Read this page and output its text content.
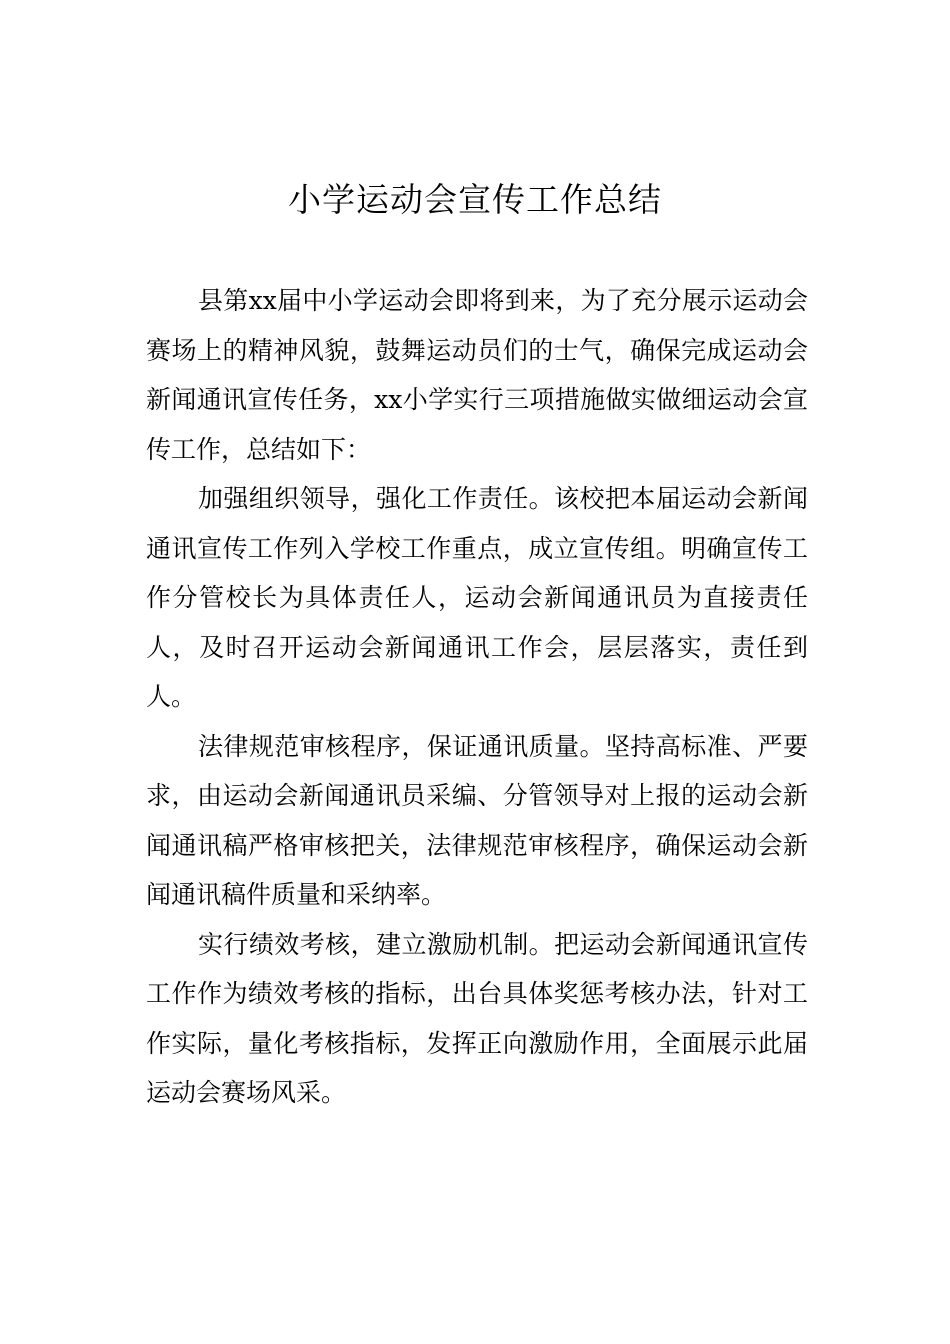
小学运动会宣传工作总结

县第xx届中小学运动会即将到来，为了充分展示运动会赛场上的精神风貌，鼓舞运动员们的士气，确保完成运动会新闻通讯宣传任务，xx小学实行三项措施做实做细运动会宣传工作，总结如下：

加强组织领导，强化工作责任。该校把本届运动会新闻通讯宣传工作列入学校工作重点，成立宣传组。明确宣传工作分管校长为具体责任人，运动会新闻通讯员为直接责任人，及时召开运动会新闻通讯工作会，层层落实，责任到人。

法律规范审核程序，保证通讯质量。坚持高标准、严要求，由运动会新闻通讯员采编、分管领导对上报的运动会新闻通讯稿严格审核把关，法律规范审核程序，确保运动会新闻通讯稿件质量和采纳率。

实行绩效考核，建立激励机制。把运动会新闻通讯宣传工作作为绩效考核的指标，出台具体奖惩考核办法，针对工作实际，量化考核指标，发挥正向激励作用，全面展示此届运动会赛场风采。
